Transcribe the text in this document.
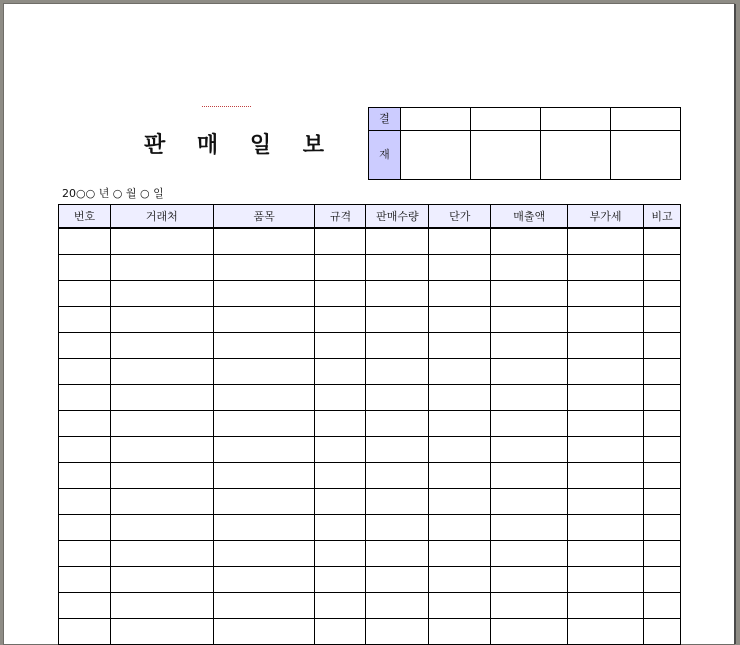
판 매 일 보
결				
재				
20○○ 년 ○ 월 ○ 일
번호	거래처	품목	규격	판매수량	단가	매출액	부가세	비고
